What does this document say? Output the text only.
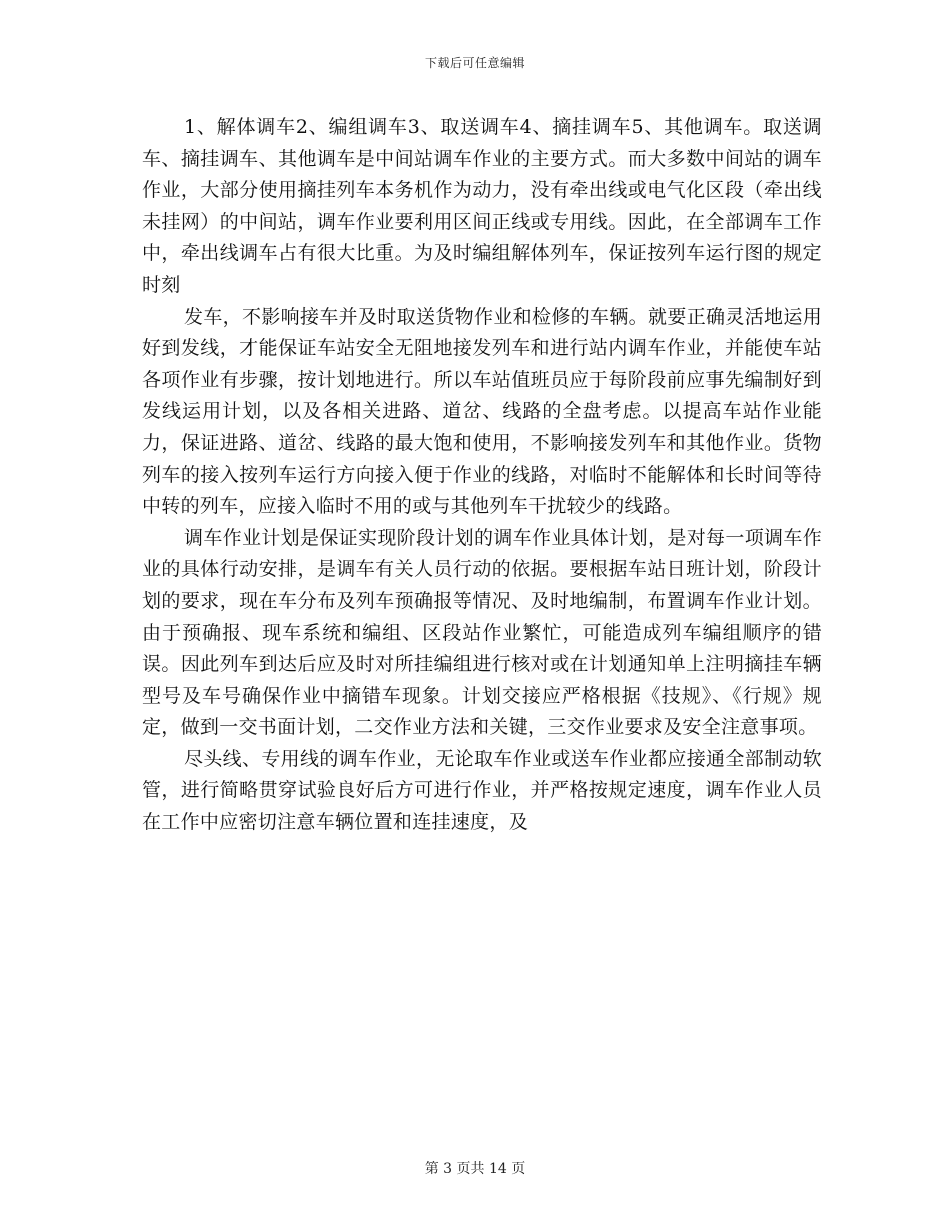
下载后可任意编辑

1、解体调车2、编组调车3、取送调车4、摘挂调车5、其他调车。取送调车、摘挂调车、其他调车是中间站调车作业的主要方式。而大多数中间站的调车作业，大部分使用摘挂列车本务机作为动力，没有牵出线或电气化区段（牵出线未挂网）的中间站，调车作业要利用区间正线或专用线。因此，在全部调车工作中，牵出线调车占有很大比重。为及时编组解体列车，保证按列车运行图的规定时刻

发车，不影响接车并及时取送货物作业和检修的车辆。就要正确灵活地运用好到发线，才能保证车站安全无阻地接发列车和进行站内调车作业，并能使车站各项作业有步骤，按计划地进行。所以车站值班员应于每阶段前应事先编制好到发线运用计划，以及各相关进路、道岔、线路的全盘考虑。以提高车站作业能力，保证进路、道岔、线路的最大饱和使用，不影响接发列车和其他作业。货物列车的接入按列车运行方向接入便于作业的线路，对临时不能解体和长时间等待中转的列车，应接入临时不用的或与其他列车干扰较少的线路。

调车作业计划是保证实现阶段计划的调车作业具体计划，是对每一项调车作业的具体行动安排，是调车有关人员行动的依据。要根据车站日班计划，阶段计划的要求，现在车分布及列车预确报等情况、及时地编制，布置调车作业计划。由于预确报、现车系统和编组、区段站作业繁忙，可能造成列车编组顺序的错误。因此列车到达后应及时对所挂编组进行核对或在计划通知单上注明摘挂车辆型号及车号确保作业中摘错车现象。计划交接应严格根据《技规》、《行规》规定，做到一交书面计划，二交作业方法和关键，三交作业要求及安全注意事项。

尽头线、专用线的调车作业，无论取车作业或送车作业都应接通全部制动软管，进行简略贯穿试验良好后方可进行作业，并严格按规定速度，调车作业人员在工作中应密切注意车辆位置和连挂速度，及

第 3 页共 14 页
